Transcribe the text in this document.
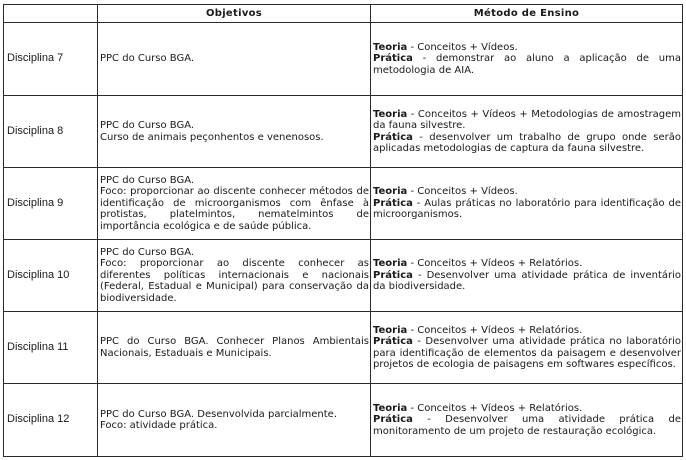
	Objetivos	Método de Ensino
Disciplina 7	PPC do Curso BGA.	Teoria - Conceitos + Vídeos.
Prática - demonstrar ao aluno a aplicação de uma metodologia de AIA.

Disciplina 8	PPC do Curso BGA.
Curso de animais peçonhentos e venenosos.	Teoria - Conceitos + Vídeos + Metodologias de amostragem da fauna silvestre.
Prática - desenvolver um trabalho de grupo onde serão aplicadas metodologias de captura da fauna silvestre.

Disciplina 9	PPC do Curso BGA.
Foco: proporcionar ao discente conhecer métodos de identificação de microorganismos com ênfase à protistas, platelmintos, nematelmintos de importância ecológica e de saúde pública.	Teoria - Conceitos + Vídeos.
Prática - Aulas práticas no laboratório para identificação de microorganismos.

Disciplina 10	PPC do Curso BGA.
Foco: proporcionar ao discente conhecer as diferentes políticas internacionais e nacionais (Federal, Estadual e Municipal) para conservação da biodiversidade.	Teoria - Conceitos + Vídeos + Relatórios.
Prática - Desenvolver uma atividade prática de inventário da biodiversidade.

Disciplina 11	PPC do Curso BGA. Conhecer Planos Ambientais Nacionais, Estaduais e Municipais.	Teoria - Conceitos + Vídeos + Relatórios.
Prática - Desenvolver uma atividade prática no laboratório para identificação de elementos da paisagem e desenvolver projetos de ecologia de paisagens em softwares específicos.

Disciplina 12	PPC do Curso BGA. Desenvolvida parcialmente.
Foco: atividade prática.	Teoria - Conceitos + Vídeos + Relatórios.
Prática - Desenvolver uma atividade prática de monitoramento de um projeto de restauração ecológica.
